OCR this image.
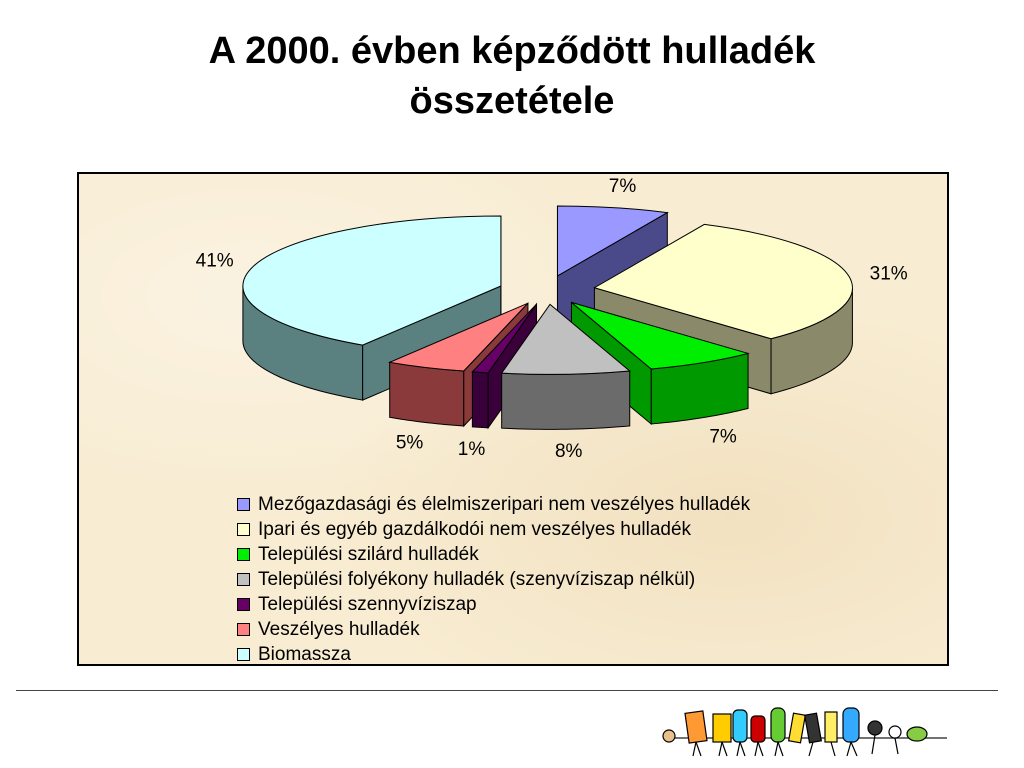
A 2000. évben képződött hulladék
összetétele
7%
31%
7%
8%
1%
5%
41%
Mezőgazdasági és élelmiszeripari nem veszélyes hulladék
Ipari és egyéb gazdálkodói nem veszélyes hulladék
Települési szilárd hulladék
Települési folyékony hulladék (szenyvíziszap nélkül)
Települési szennyvíziszap
Veszélyes hulladék
Biomassza
